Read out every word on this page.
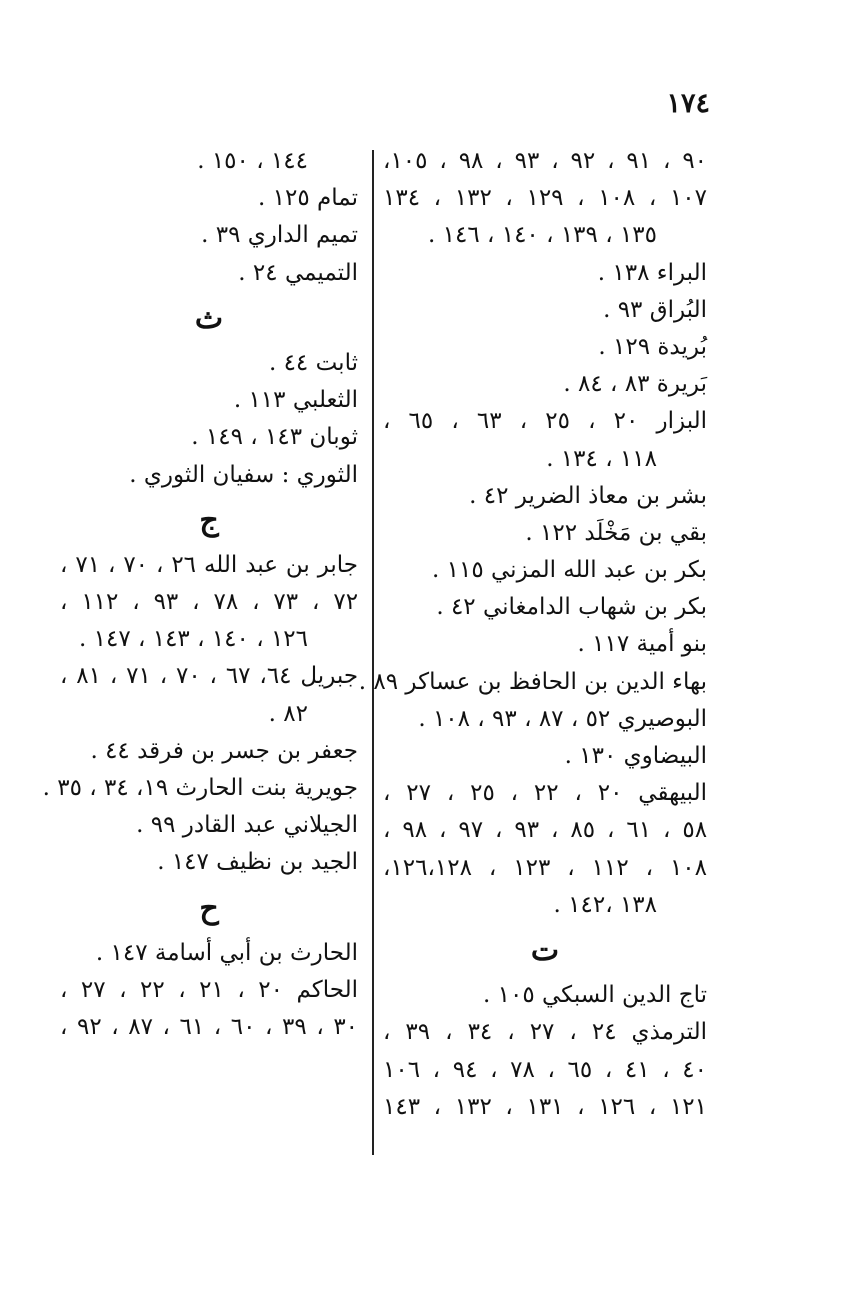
١٧٤
٩٠ ، ٩١ ، ٩٢ ، ٩٣ ، ٩٨ ، ١٠٥،
١٠٧ ، ١٠٨ ، ١٢٩ ، ١٣٢ ، ١٣٤
١٣٥ ، ١٣٩ ، ١٤٠ ، ١٤٦ .
البراء ١٣٨ .
البُراق ٩٣ .
بُريدة ١٢٩ .
بَريرة ٨٣ ، ٨٤ .
البزار ٢٠ ، ٢٥ ، ٦٣ ، ٦٥ ،
١١٨ ، ١٣٤ .
بشر بن معاذ الضرير ٤٢ .
بقي بن مَخْلَد ١٢٢ .
بكر بن عبد الله المزني ١١٥ .
بكر بن شهاب الدامغاني ٤٢ .
بنو أمية ١١٧ .
بهاء الدين بن الحافظ بن عساكر ٨٩ .
البوصيري ٥٢ ، ٨٧ ، ٩٣ ، ١٠٨ .
البيضاوي ١٣٠ .
البيهقي ٢٠ ، ٢٢ ، ٢٥ ، ٢٧ ،
٥٨ ، ٦١ ، ٨٥ ، ٩٣ ، ٩٧ ، ٩٨ ،
١٠٨ ، ١١٢ ، ١٢٣ ، ١٢٦،١٢٨،
١٣٨ ،١٤٢ .
ت
تاج الدين السبكي ١٠٥ .
الترمذي ٢٤ ، ٢٧ ، ٣٤ ، ٣٩ ،
٤٠ ، ٤١ ، ٦٥ ، ٧٨ ، ٩٤ ، ١٠٦
١٢١ ، ١٢٦ ، ١٣١ ، ١٣٢ ، ١٤٣
١٤٤ ، ١٥٠ .
تمام ١٢٥ .
تميم الداري ٣٩ .
التميمي ٢٤ .
ث
ثابت ٤٤ .
الثعلبي ١١٣ .
ثوبان ١٤٣ ، ١٤٩ .
الثوري : سفيان الثوري .
ج
جابر بن عبد الله ٢٦ ، ٧٠ ، ٧١ ،
٧٢ ، ٧٣ ، ٧٨ ، ٩٣ ، ١١٢ ،
١٢٦ ، ١٤٠ ، ١٤٣ ، ١٤٧ .
جبريل ٦٤، ٦٧ ، ٧٠ ، ٧١ ، ٨١ ،
٨٢ .
جعفر بن جسر بن فرقد ٤٤ .
جويرية بنت الحارث ١٩، ٣٤ ، ٣٥ .
الجيلاني عبد القادر ٩٩ .
الجيد بن نظيف ١٤٧ .
ح
الحارث بن أبي أسامة ١٤٧ .
الحاكم ٢٠ ، ٢١ ، ٢٢ ، ٢٧ ،
٣٠ ، ٣٩ ، ٦٠ ، ٦١ ، ٨٧ ، ٩٢ ،
